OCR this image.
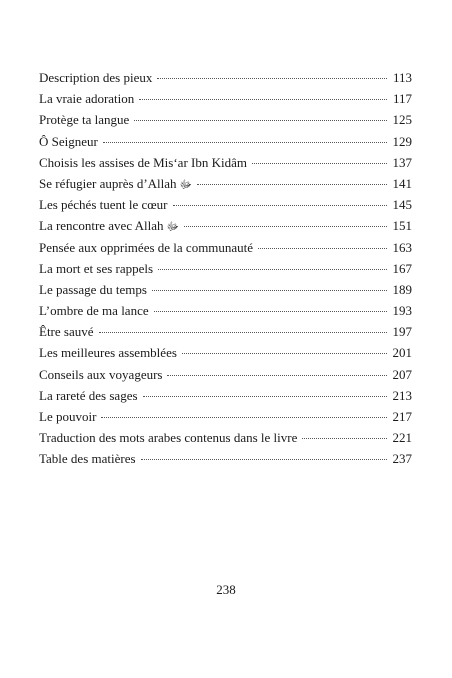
Description des pieux	113
La vraie adoration	117
Protège ta langue	125
Ô Seigneur	129
Choisis les assises de Mis‘ar Ibn Kidâm	137
Se réfugier auprès d’Allah ﷻ	141
Les péchés tuent le cœur	145
La rencontre avec Allah ﷻ	151
Pensée aux opprimées de la communauté	163
La mort et ses rappels	167
Le passage du temps	189
L’ombre de ma lance	193
Être sauvé	197
Les meilleures assemblées	201
Conseils aux voyageurs	207
La rareté des sages	213
Le pouvoir	217
Traduction des mots arabes contenus dans le livre	221
Table des matières	237
238
